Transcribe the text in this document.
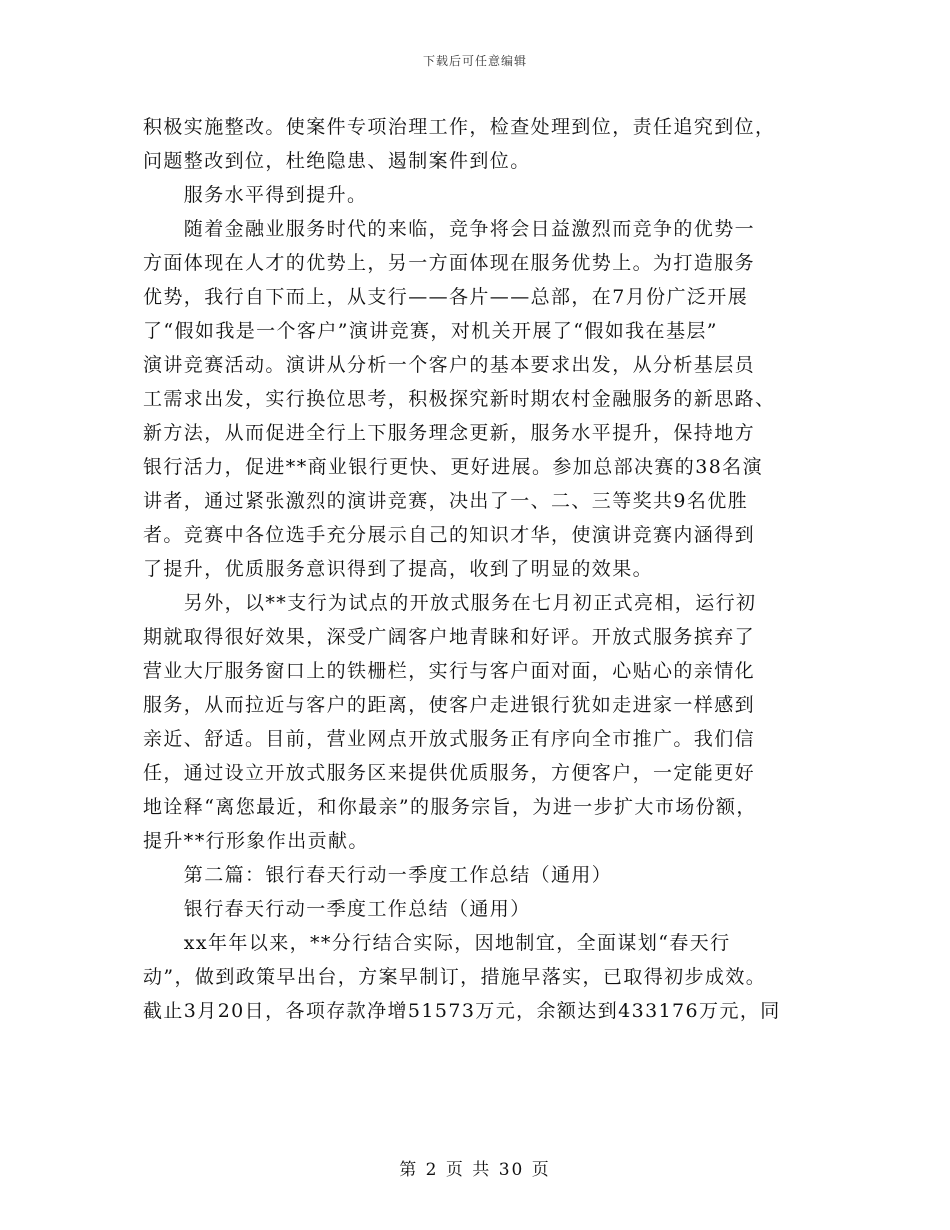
下载后可任意编辑

积极实施整改。使案件专项治理工作，检查处理到位，责任追究到位，

问题整改到位，杜绝隐患、遏制案件到位。

　　服务水平得到提升。

　　随着金融业服务时代的来临，竞争将会日益激烈而竞争的优势一

方面体现在人才的优势上，另一方面体现在服务优势上。为打造服务

优势，我行自下而上，从支行——各片——总部，在7月份广泛开展

了“假如我是一个客户”演讲竞赛，对机关开展了“假如我在基层”

演讲竞赛活动。演讲从分析一个客户的基本要求出发，从分析基层员

工需求出发，实行换位思考，积极探究新时期农村金融服务的新思路、

新方法，从而促进全行上下服务理念更新，服务水平提升，保持地方

银行活力，促进**商业银行更快、更好进展。参加总部决赛的38名演

讲者，通过紧张激烈的演讲竞赛，决出了一、二、三等奖共9名优胜

者。竞赛中各位选手充分展示自己的知识才华，使演讲竞赛内涵得到

了提升，优质服务意识得到了提高，收到了明显的效果。

　　另外，以**支行为试点的开放式服务在七月初正式亮相，运行初

期就取得很好效果，深受广阔客户地青睐和好评。开放式服务摈弃了

营业大厅服务窗口上的铁栅栏，实行与客户面对面，心贴心的亲情化

服务，从而拉近与客户的距离，使客户走进银行犹如走进家一样感到

亲近、舒适。目前，营业网点开放式服务正有序向全市推广。我们信

任，通过设立开放式服务区来提供优质服务，方便客户，一定能更好

地诠释“离您最近，和你最亲”的服务宗旨，为进一步扩大市场份额，

提升**行形象作出贡献。

　　第二篇：银行春天行动一季度工作总结（通用）

　　银行春天行动一季度工作总结（通用）

　　xx年年以来，**分行结合实际，因地制宜，全面谋划“春天行

动”，做到政策早出台，方案早制订，措施早落实，已取得初步成效。

截止3月20日，各项存款净增51573万元，余额达到433176万元，同

第 2 页 共 30 页
